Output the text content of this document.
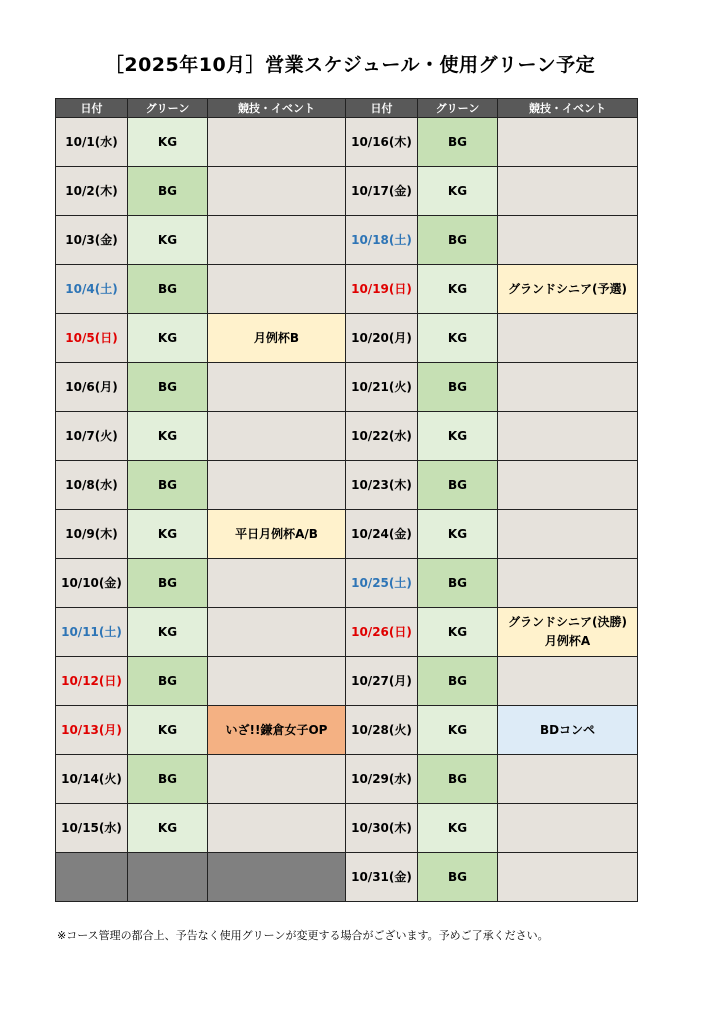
［2025年10月］営業スケジュール・使用グリーン予定
日付	グリーン	競技・イベント	日付	グリーン	競技・イベント
10/1(水)	KG		10/16(木)	BG	
10/2(木)	BG		10/17(金)	KG	
10/3(金)	KG		10/18(土)	BG	
10/4(土)	BG		10/19(日)	KG	グランドシニア(予選)

10/5(日)	KG	月例杯B	10/20(月)	KG	
10/6(月)	BG		10/21(火)	BG	
10/7(火)	KG		10/22(水)	KG	
10/8(水)	BG		10/23(木)	BG	
10/9(木)	KG	平日月例杯A/B	10/24(金)	KG	
10/10(金)	BG		10/25(土)	BG	
10/11(土)	KG		10/26(日)	KG	グランドシニア(決勝)
月例杯A

10/12(日)	BG		10/27(月)	BG	
10/13(月)	KG	いざ!!鎌倉女子OP	10/28(火)	KG	BDコンペ

10/14(火)	BG		10/29(水)	BG	
10/15(水)	KG		10/30(木)	KG	
			10/31(金)	BG	
※コース管理の都合上、予告なく使用グリーンが変更する場合がございます。予めご了承ください。
